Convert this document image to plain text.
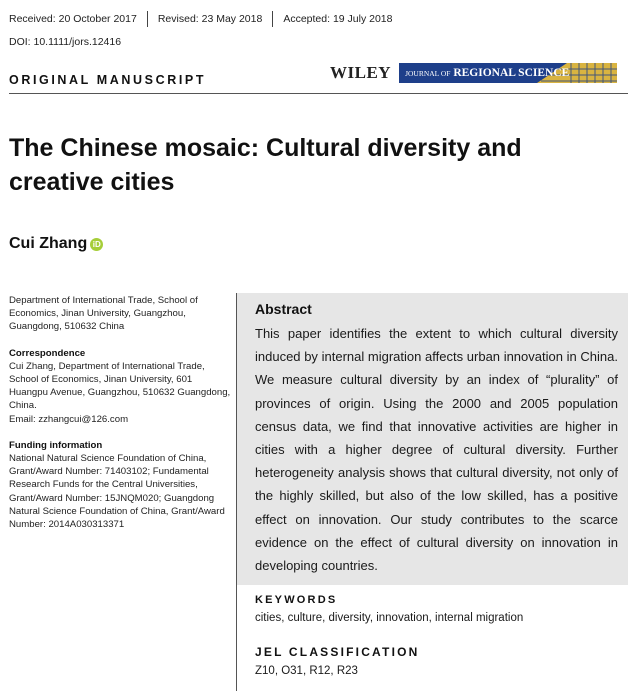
Received: 20 October 2017 Revised: 23 May 2018 Accepted: 19 July 2018
DOI: 10.1111/jors.12416
ORIGINAL MANUSCRIPT	WILEY	JOURNAL OF REGIONAL SCIENCE
The Chinese mosaic: Cultural diversity and creative cities
Cui Zhang iD
Department of International Trade, School of Economics, Jinan University, Guangzhou, Guangdong, 510632 China
Correspondence
Cui Zhang, Department of International Trade, School of Economics, Jinan University, 601 Huangpu Avenue, Guangzhou, 510632 Guangdong, China.
Email: zzhangcui@126.com
Funding information
National Natural Science Foundation of China, Grant/Award Number: 71403102; Fundamental Research Funds for the Central Universities, Grant/Award Number: 15JNQM020; Guangdong Natural Science Foundation of China, Grant/Award Number: 2014A030313371
Abstract

This paper identifies the extent to which cultural diversity induced by internal migration affects urban innovation in China. We measure cultural diversity by an index of “plurality” of provinces of origin. Using the 2000 and 2005 population census data, we find that innovative activities are higher in cities with a higher degree of cultural diversity. Further heterogeneity analysis shows that cultural diversity, not only of the highly skilled, but also of the low skilled, has a positive effect on innovation. Our study contributes to the scarce evidence on the effect of cultural diversity on innovation in developing countries.

KEYWORDS
cities, culture, diversity, innovation, internal migration
JEL CLASSIFICATION
Z10, O31, R12, R23
